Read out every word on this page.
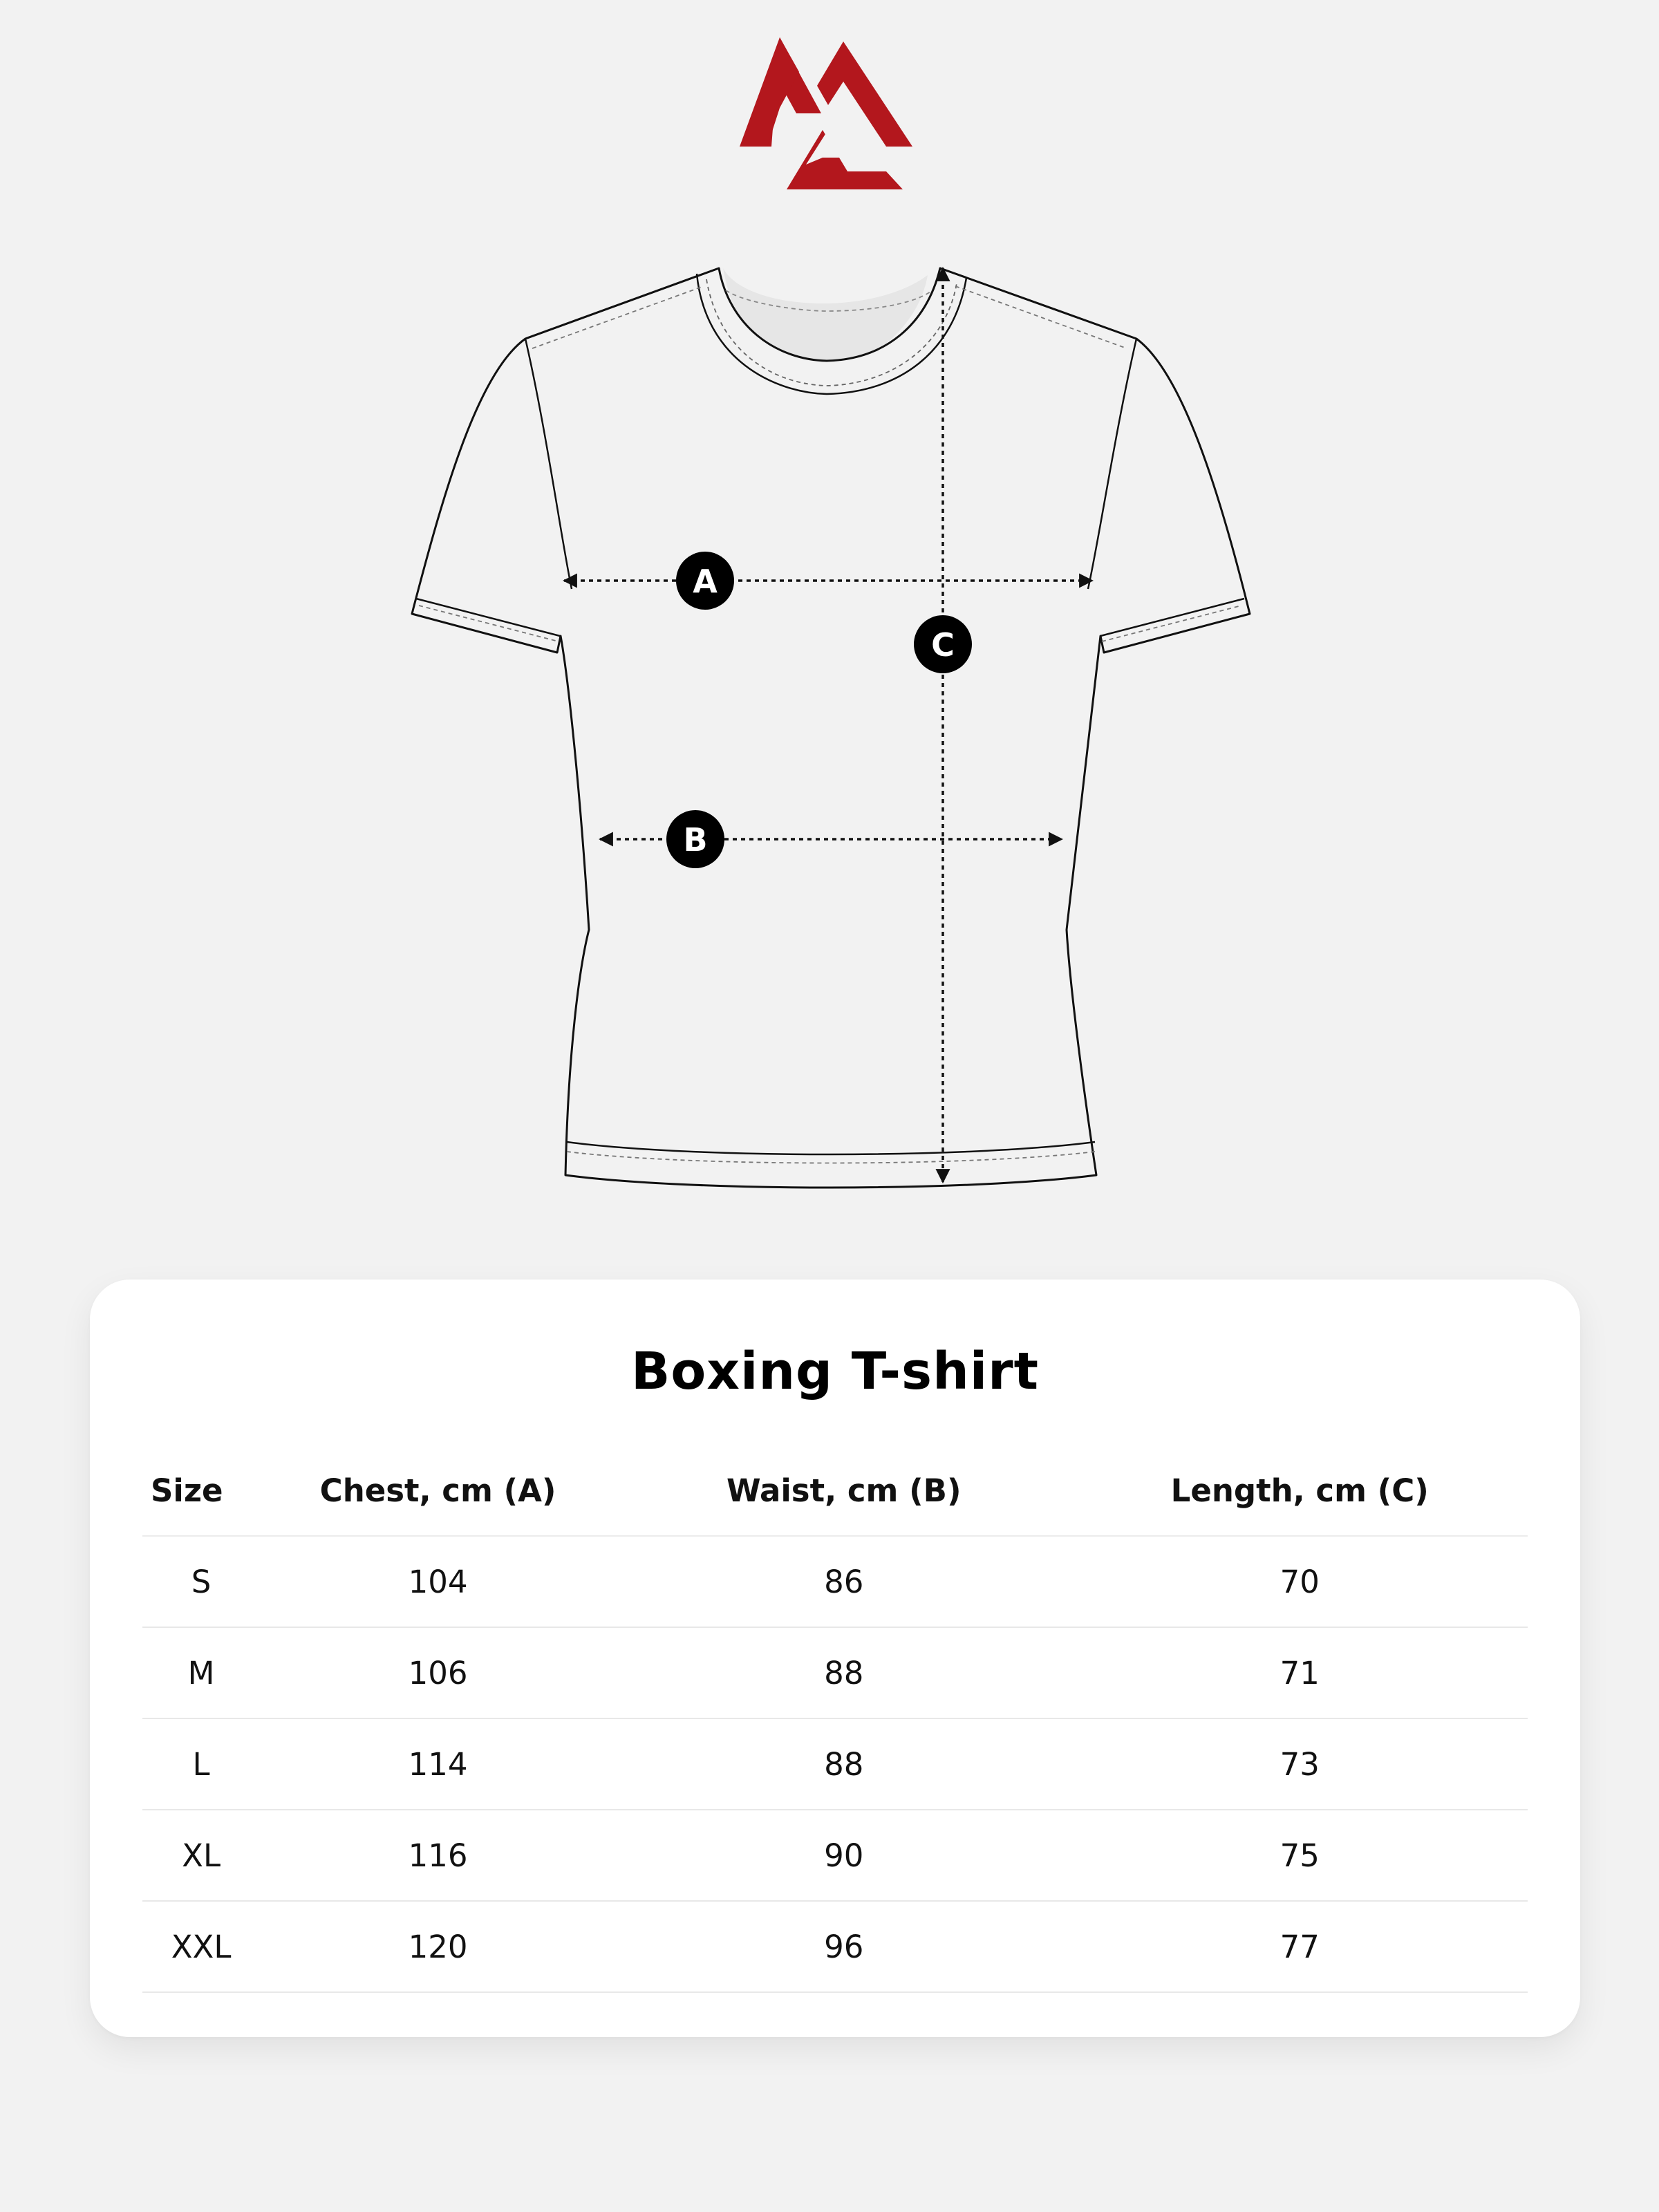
A
B
C
Boxing T-shirt
Size	Chest, cm (A)	Waist, cm (B)	Length, cm (C)
S	104	86	70
M	106	88	71
L	114	88	73
XL	116	90	75
XXL	120	96	77
